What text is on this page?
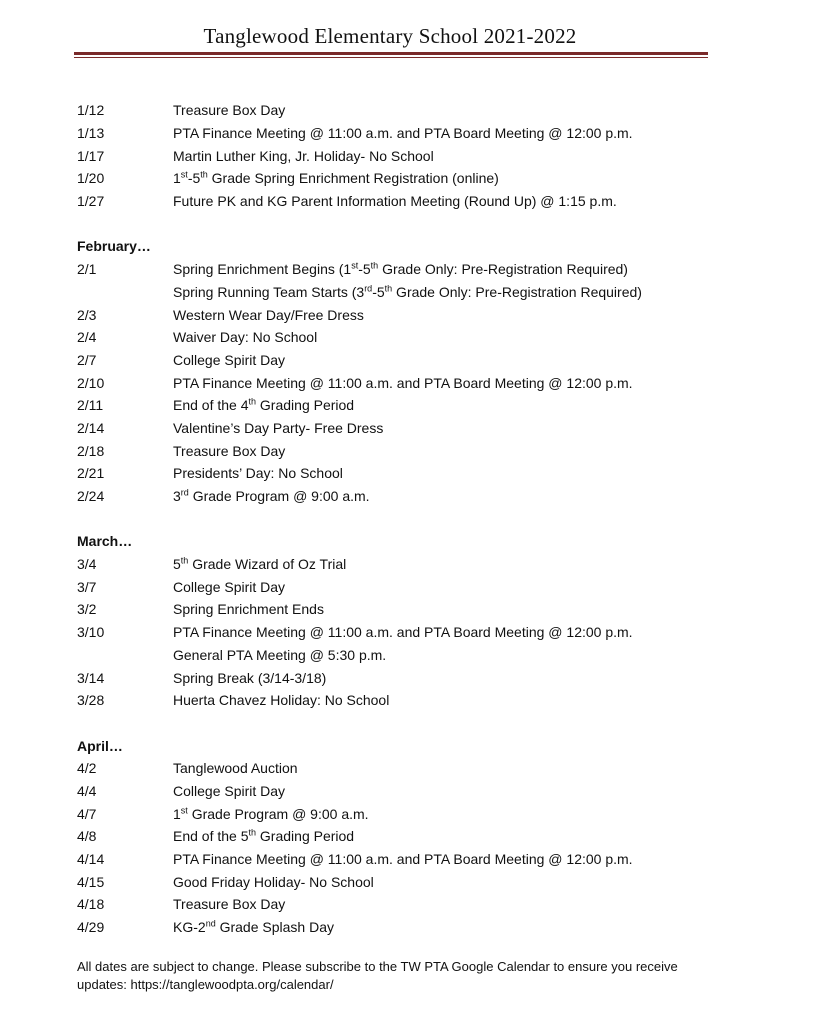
Tanglewood Elementary School 2021-2022
1/12	Treasure Box Day
1/13	PTA Finance Meeting @ 11:00 a.m. and PTA Board Meeting @ 12:00 p.m.
1/17	Martin Luther King, Jr. Holiday- No School
1/20	1st-5th Grade Spring Enrichment Registration (online)
1/27	Future PK and KG Parent Information Meeting (Round Up) @ 1:15 p.m.
February…
2/1	Spring Enrichment Begins (1st-5th Grade Only: Pre-Registration Required)
Spring Running Team Starts (3rd-5th Grade Only: Pre-Registration Required)
2/3	Western Wear Day/Free Dress
2/4	Waiver Day: No School
2/7	College Spirit Day
2/10	PTA Finance Meeting @ 11:00 a.m. and PTA Board Meeting @ 12:00 p.m.
2/11	End of the 4th Grading Period
2/14	Valentine’s Day Party- Free Dress
2/18	Treasure Box Day
2/21	Presidents’ Day: No School
2/24	3rd Grade Program @ 9:00 a.m.
March…
3/4	5th Grade Wizard of Oz Trial
3/7	College Spirit Day
3/2	Spring Enrichment Ends
3/10	PTA Finance Meeting @ 11:00 a.m. and PTA Board Meeting @ 12:00 p.m.
General PTA Meeting @ 5:30 p.m.
3/14	Spring Break (3/14-3/18)
3/28	Huerta Chavez Holiday: No School
April…
4/2	Tanglewood Auction
4/4	College Spirit Day
4/7	1st Grade Program @ 9:00 a.m.
4/8	End of the 5th Grading Period
4/14	PTA Finance Meeting @ 11:00 a.m. and PTA Board Meeting @ 12:00 p.m.
4/15	Good Friday Holiday- No School
4/18	Treasure Box Day
4/29	KG-2nd Grade Splash Day
All dates are subject to change. Please subscribe to the TW PTA Google Calendar to ensure you receive
updates: https://tanglewoodpta.org/calendar/
